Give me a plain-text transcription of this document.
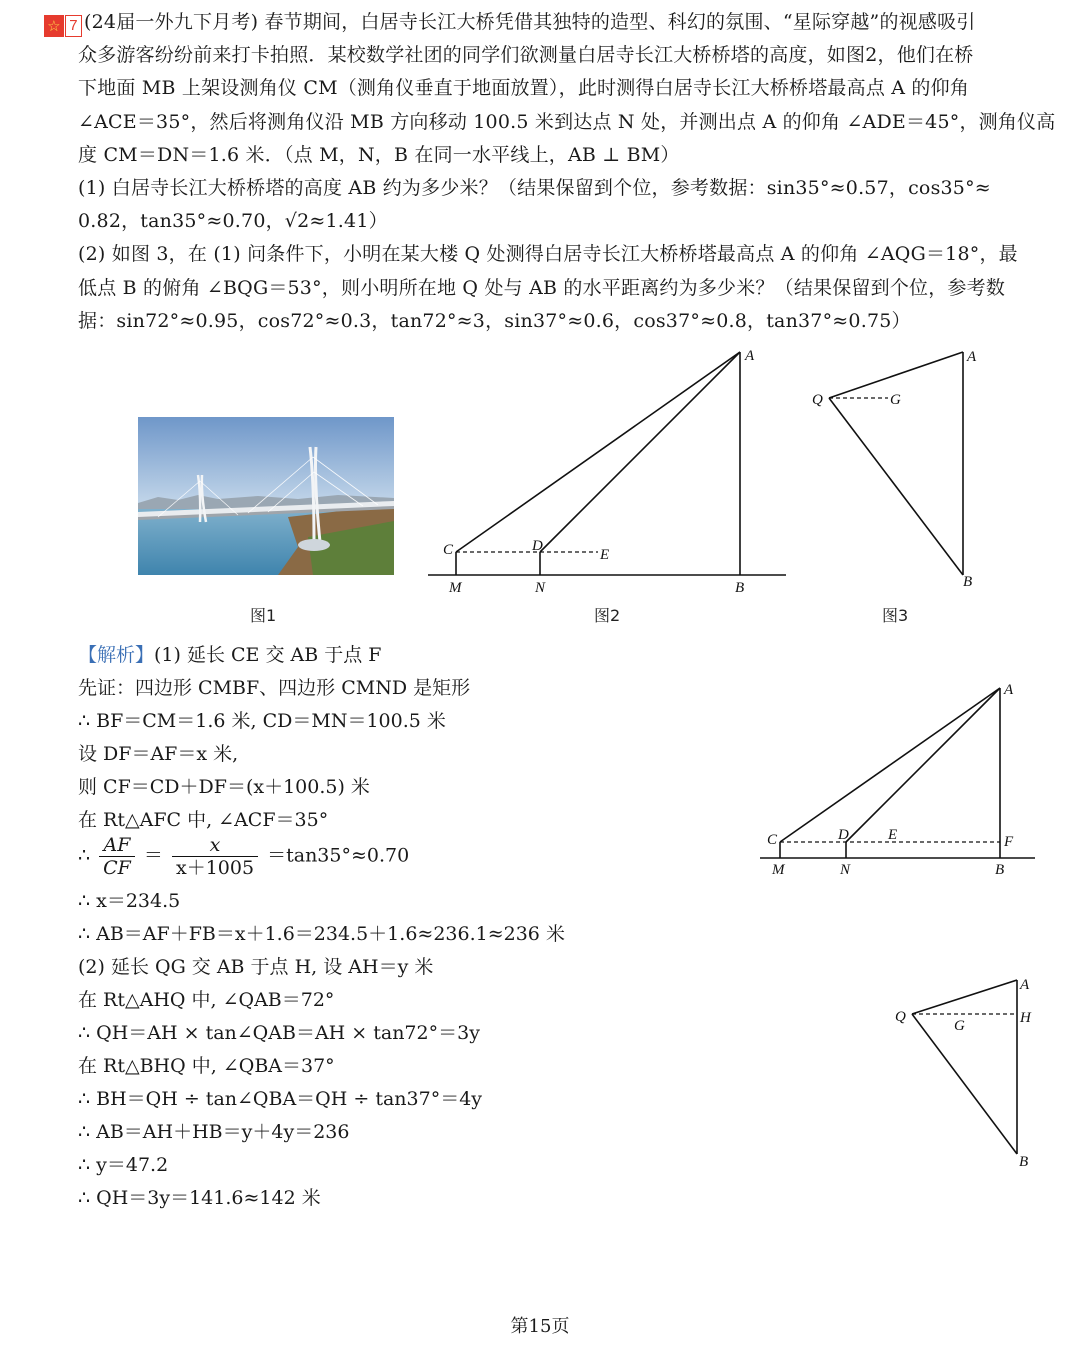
☆ 7 (24届一外九下月考) 春节期间，白居寺长江大桥凭借其独特的造型、科幻的氛围、“星际穿越”的视感吸引
众多游客纷纷前来打卡拍照．某校数学社团的同学们欲测量白居寺长江大桥桥塔的高度，如图2，他们在桥
下地面 MB 上架设测角仪 CM（测角仪垂直于地面放置），此时测得白居寺长江大桥桥塔最高点 A 的仰角
∠ACE＝35°，然后将测角仪沿 MB 方向移动 100.5 米到达点 N 处，并测出点 A 的仰角 ∠ADE＝45°，测角仪高
度 CM＝DN＝1.6 米．（点 M，N，B 在同一水平线上，AB ⊥ BM）
(1) 白居寺长江大桥桥塔的高度 AB 约为多少米？（结果保留到个位，参考数据：sin35°≈0.57，cos35°≈
0.82，tan35°≈0.70，√2≈1.41）
(2) 如图 3，在 (1) 问条件下，小明在某大楼 Q 处测得白居寺长江大桥桥塔最高点 A 的仰角 ∠AQG＝18°，最
低点 B 的俯角 ∠BQG＝53°，则小明所在地 Q 处与 AB 的水平距离约为多少米？（结果保留到个位，参考数
据：sin72°≈0.95，cos72°≈0.3，tan72°≈3，sin37°≈0.6，cos37°≈0.8，tan37°≈0.75）
图1
A
C	D
E
M	N	B
图2
A
Q	G
B
图3
【解析】(1) 延长 CE 交 AB 于点 F
先证：四边形 CMBF、四边形 CMND 是矩形
∴ BF＝CM＝1.6 米, CD＝MN＝100.5 米
设 DF＝AF＝x 米,
则 CF＝CD＋DF＝(x＋100.5) 米
在 Rt△AFC 中, ∠ACF＝35°
∴ $\frac{AF}{CF} = \frac{x}{x+1005} =\tan 35^\circ\approx 0.70$
∴ x＝234.5
∴ AB＝AF＋FB＝x＋1.6＝234.5＋1.6≈236.1≈236 米
(2) 延长 QG 交 AB 于点 H, 设 AH＝y 米
在 Rt△AHQ 中, ∠QAB＝72°
∴ QH＝AH × tan∠QAB＝AH × tan72°＝3y
在 Rt△BHQ 中, ∠QBA＝37°
∴ BH＝QH ÷ tan∠QBA＝QH ÷ tan37°＝4y
∴ AB＝AH＋HB＝y＋4y＝236
∴ y＝47.2
∴ QH＝3y＝141.6≈142 米
A
C	D	E	F
M	N	B
A
Q
G	H
B
第15页
